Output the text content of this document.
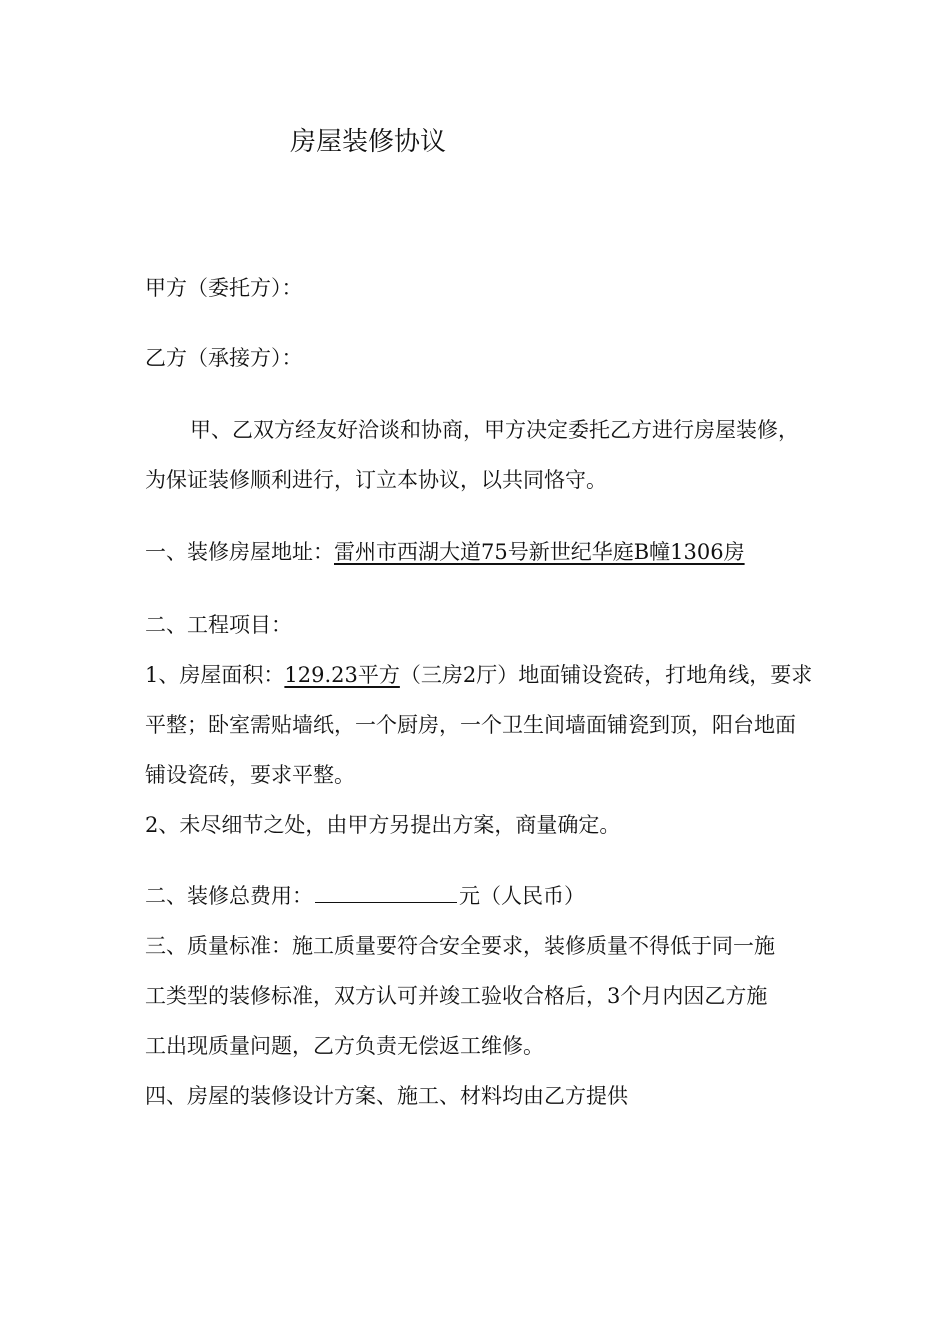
房屋装修协议
甲方（委托方）：
乙方（承接方）：
甲、乙双方经友好洽谈和协商，甲方决定委托乙方进行房屋装修，
为保证装修顺利进行，订立本协议，以共同恪守。
一、装修房屋地址：雷州市西湖大道75号新世纪华庭B幢1306房
二、工程项目：
1、房屋面积：129.23平方（三房2厅）地面铺设瓷砖，打地角线，要求
平整；卧室需贴墙纸，一个厨房，一个卫生间墙面铺瓷到顶，阳台地面
铺设瓷砖，要求平整。
2、未尽细节之处，由甲方另提出方案，商量确定。
二、装修总费用：	元（人民币）
三、质量标准：施工质量要符合安全要求，装修质量不得低于同一施
工类型的装修标准，双方认可并竣工验收合格后，3个月内因乙方施
工出现质量问题，乙方负责无偿返工维修。
四、房屋的装修设计方案、施工、材料均由乙方提供
